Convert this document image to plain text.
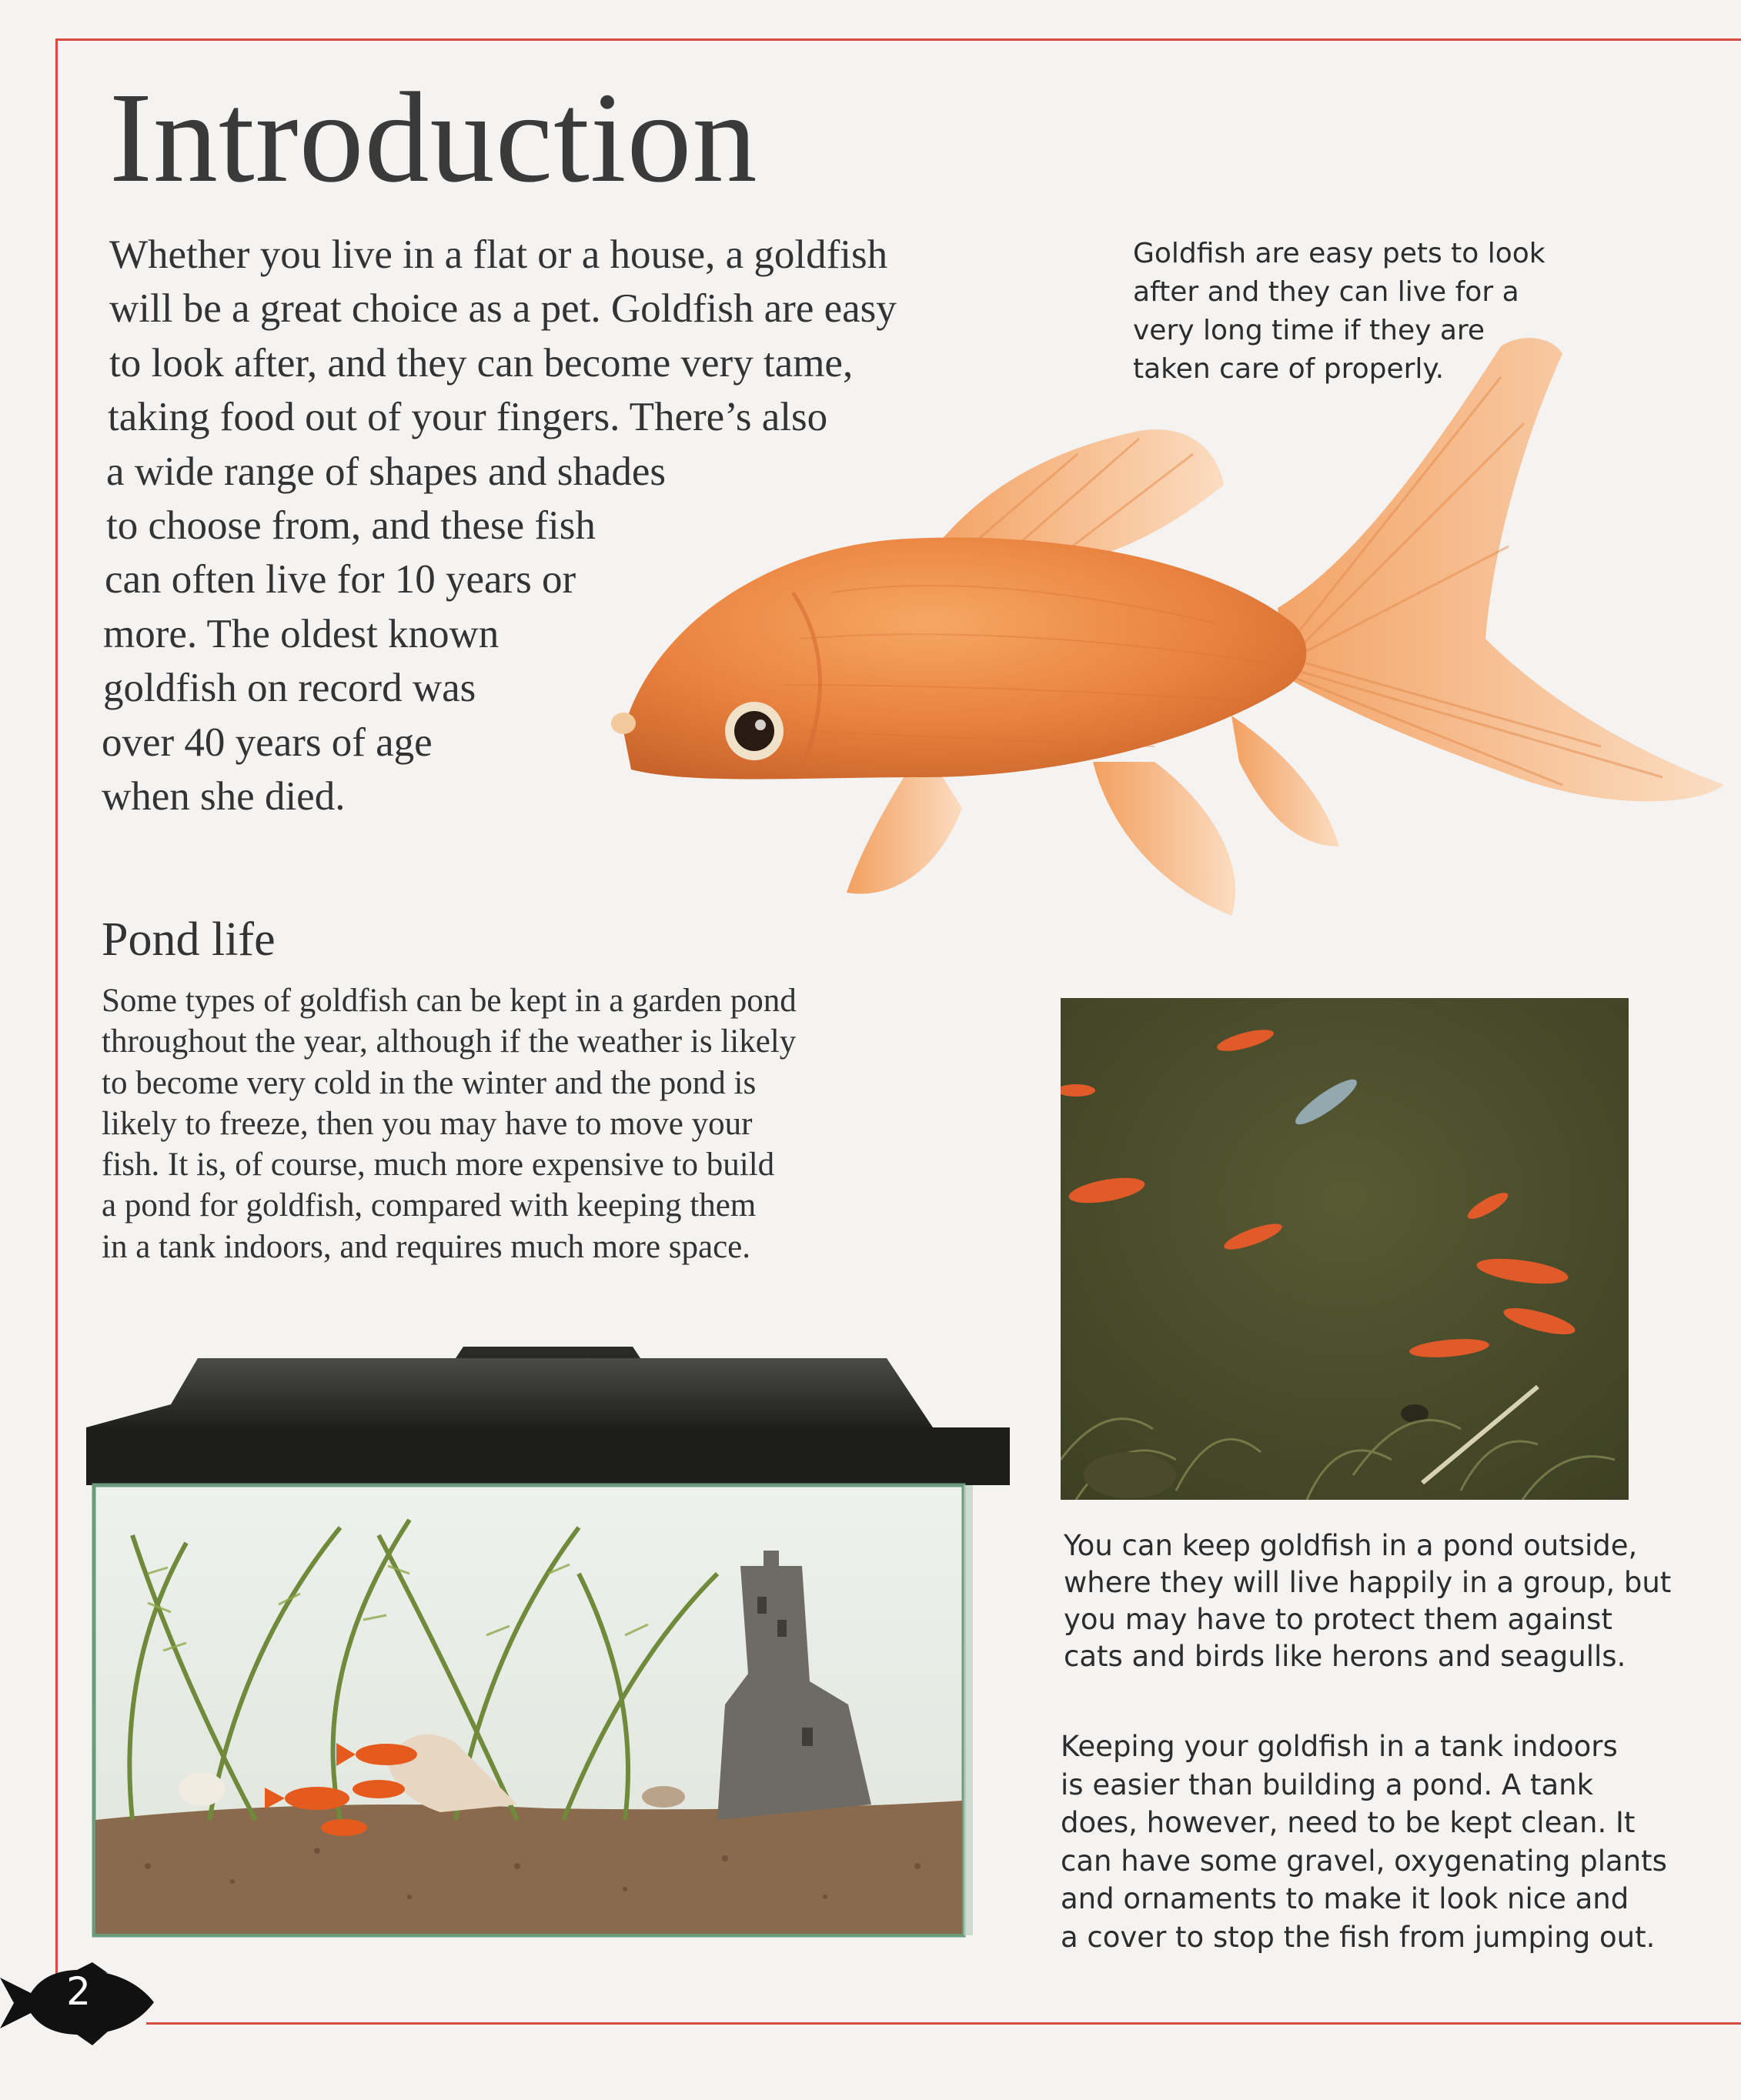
Introduction
Whether you live in a flat or a house, a goldfish
will be a great choice as a pet. Goldfish are easy
to look after, and they can become very tame,
taking food out of your fingers. There’s also
a wide range of shapes and shades
to choose from, and these fish
can often live for 10 years or
more. The oldest known
goldfish on record was
over 40 years of age
when she died.
Goldfish are easy pets to look
after and they can live for a
very long time if they are
taken care of properly.
Pond life
Some types of goldfish can be kept in a garden pond
throughout the year, although if the weather is likely
to become very cold in the winter and the pond is
likely to freeze, then you may have to move your
fish. It is, of course, much more expensive to build
a pond for goldfish, compared with keeping them
in a tank indoors, and requires much more space.
You can keep goldfish in a pond outside,
where they will live happily in a group, but
you may have to protect them against
cats and birds like herons and seagulls.
Keeping your goldfish in a tank indoors
is easier than building a pond. A tank
does, however, need to be kept clean. It
can have some gravel, oxygenating plants
and ornaments to make it look nice and
a cover to stop the fish from jumping out.
2
